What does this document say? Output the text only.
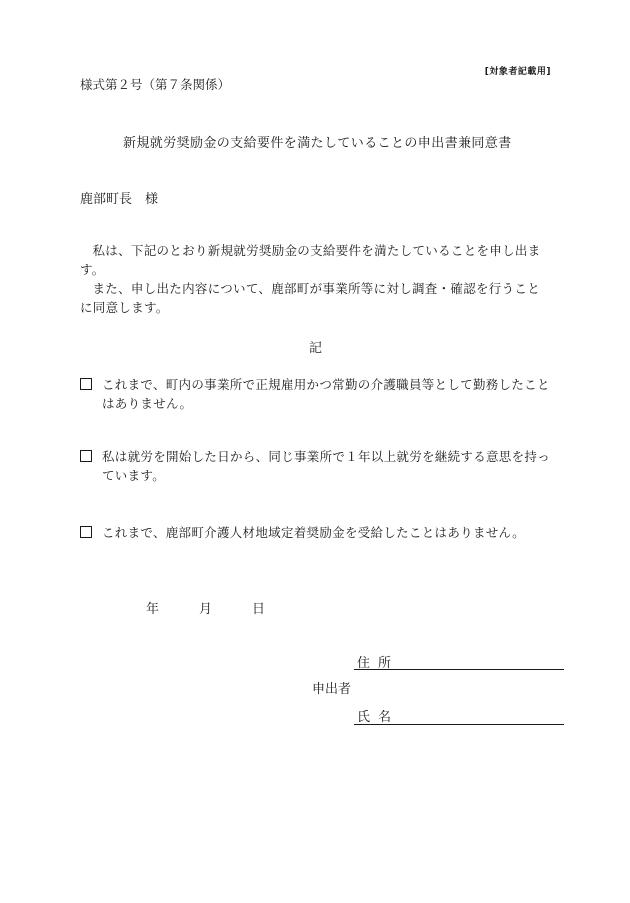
[対象者記載用]
様式第２号（第７条関係）
新規就労奨励金の支給要件を満たしていることの申出書兼同意書
鹿部町長　様
私は、下記のとおり新規就労奨励金の支給要件を満たしていることを申し出ます。
また、申し出た内容について、鹿部町が事業所等に対し調査・確認を行うことに同意します。
記
これまで、町内の事業所で正規雇用かつ常勤の介護職員等として勤務したことはありません。
私は就労を開始した日から、同じ事業所で１年以上就労を継続する意思を持っています。
これまで、鹿部町介護人材地域定着奨励金を受給したことはありません。
年	月	日
住所
申出者
氏名
